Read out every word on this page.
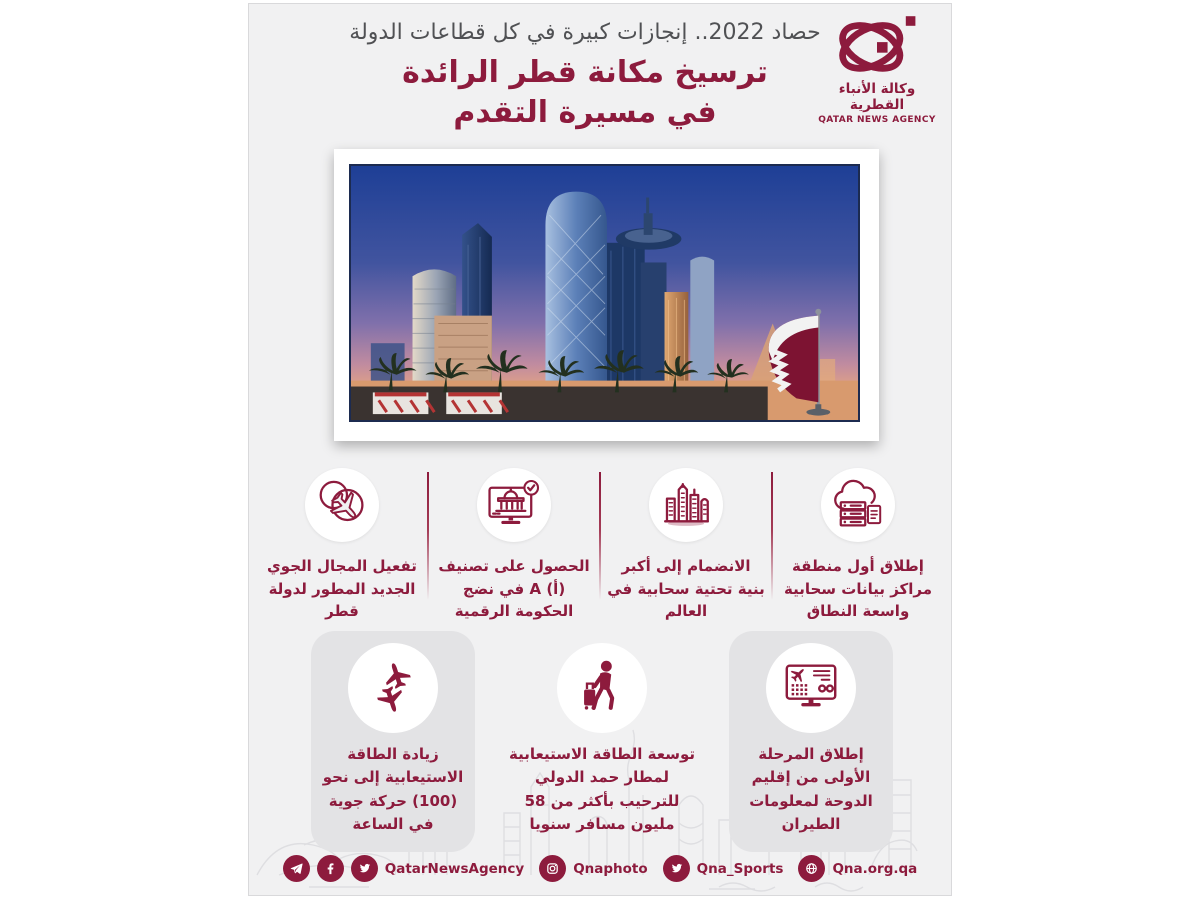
حصاد 2022.. إنجازات كبيرة في كل قطاعات الدولة
ترسيخ مكانة قطر الرائدة
في مسيرة التقدم
وكالة الأنباء القطرية
QATAR NEWS AGENCY
إطلاق أول منطقة مراكز بيانات سحابية واسعة النطاق
الانضمام إلى أكبر بنية تحتية سحابية في العالم
الحصول على تصنيف (أ) A في نضج الحكومة الرقمية
تفعيل المجال الجوي الجديد المطور لدولة قطر
إطلاق المرحلة الأولى من إقليم الدوحة لمعلومات الطيران
توسعة الطاقة الاستيعابية لمطار حمد الدولي للترحيب بأكثر من 58 مليون مسافر سنويا
زيادة الطاقة الاستيعابية إلى نحو (100) حركة جوية في الساعة
QatarNewsAgency	Qnaphoto	Qna_Sports	Qna.org.qa
